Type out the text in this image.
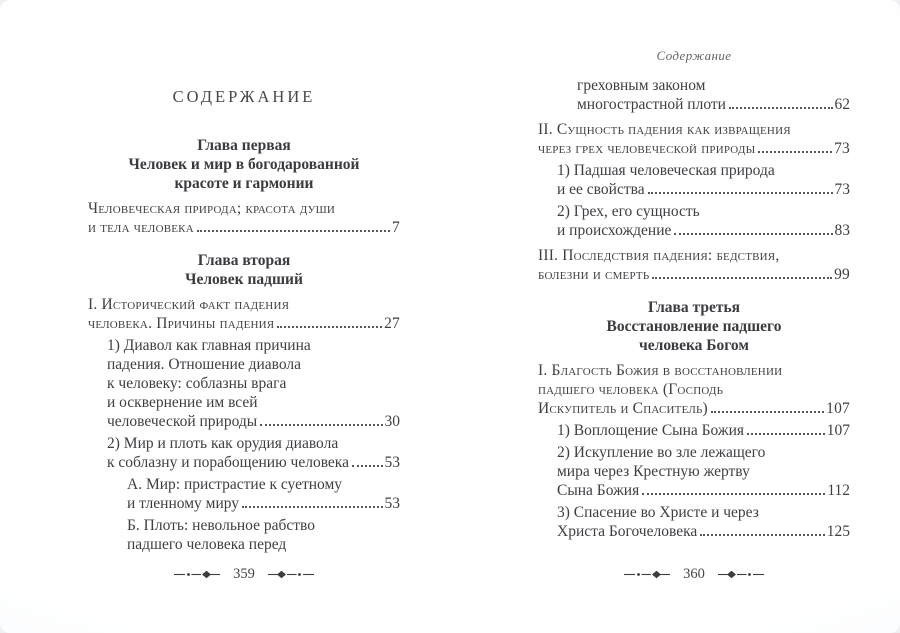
СОДЕРЖАНИЕ
Глава первая
Человек и мир в богодарованной
красоте и гармонии
Человеческая природа; красота души
и тела человека	7
Глава вторая
Человек падший
I. Исторический факт падения
человека. Причины падения	27
1) Диавол как главная причина
падения. Отношение диавола
к человеку: соблазны врага
и осквернение им всей
человеческой природы	30
2) Мир и плоть как орудия диавола
к соблазну и порабощению человека 53
А. Мир: пристрастие к суетному
и тленному миру	53
Б. Плоть: невольное рабство
падшего человека перед
359
Содержание
греховным законом
многострастной плоти	62
II. Сущность падения как извращения
через грех человеческой природы	73
1) Падшая человеческая природа
и ее свойства	73
2) Грех, его сущность
и происхождение	83
III. Последствия падения: бедствия,
болезни и смерть	99
Глава третья
Восстановление падшего
человека Богом
I. Благость Божия в восстановлении
падшего человека (Господь
Искупитель и Спаситель)	107
1) Воплощение Сына Божия	107
2) Искупление во зле лежащего
мира через Крестную жертву
Сына Божия	112
3) Спасение во Христе и через
Христа Богочеловека	125
360
